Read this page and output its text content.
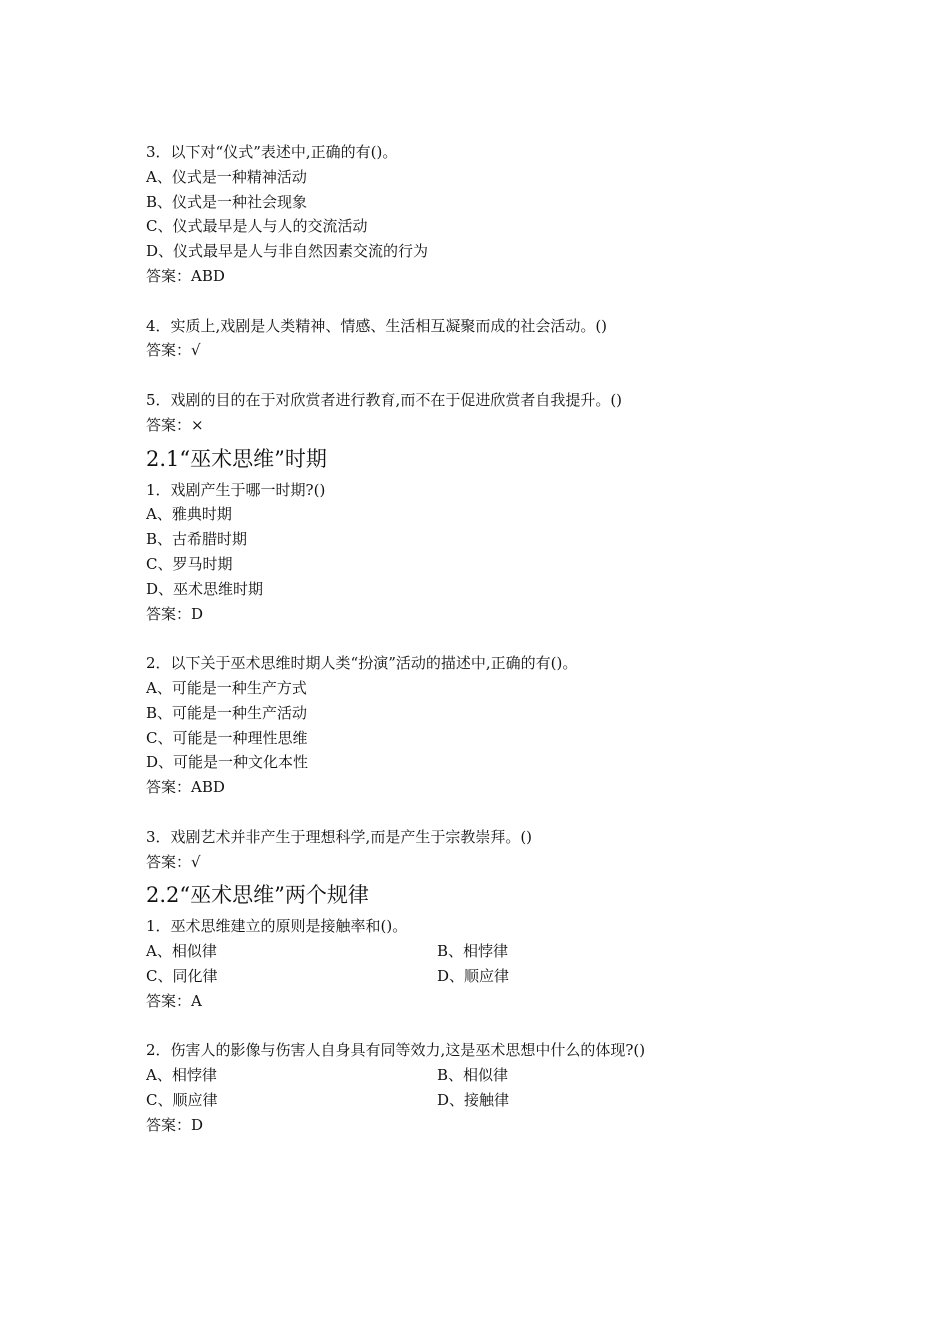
3．以下对“仪式”表述中,正确的有()。
A、仪式是一种精神活动
B、仪式是一种社会现象
C、仪式最早是人与人的交流活动
D、仪式最早是人与非自然因素交流的行为
答案：ABD
4．实质上,戏剧是人类精神、情感、生活相互凝聚而成的社会活动。()
答案：√
5．戏剧的目的在于对欣赏者进行教育,而不在于促进欣赏者自我提升。()
答案：×
2.1“巫术思维”时期
1．戏剧产生于哪一时期?()
A、雅典时期
B、古希腊时期
C、罗马时期
D、巫术思维时期
答案：D
2．以下关于巫术思维时期人类“扮演”活动的描述中,正确的有()。
A、可能是一种生产方式
B、可能是一种生产活动
C、可能是一种理性思维
D、可能是一种文化本性
答案：ABD
3．戏剧艺术并非产生于理想科学,而是产生于宗教崇拜。()
答案：√
2.2“巫术思维”两个规律
1．巫术思维建立的原则是接触率和()。
A、相似律	B、相悖律
C、同化律	D、顺应律
答案：A
2．伤害人的影像与伤害人自身具有同等效力,这是巫术思想中什么的体现?()
A、相悖律	B、相似律
C、顺应律	D、接触律
答案：D
